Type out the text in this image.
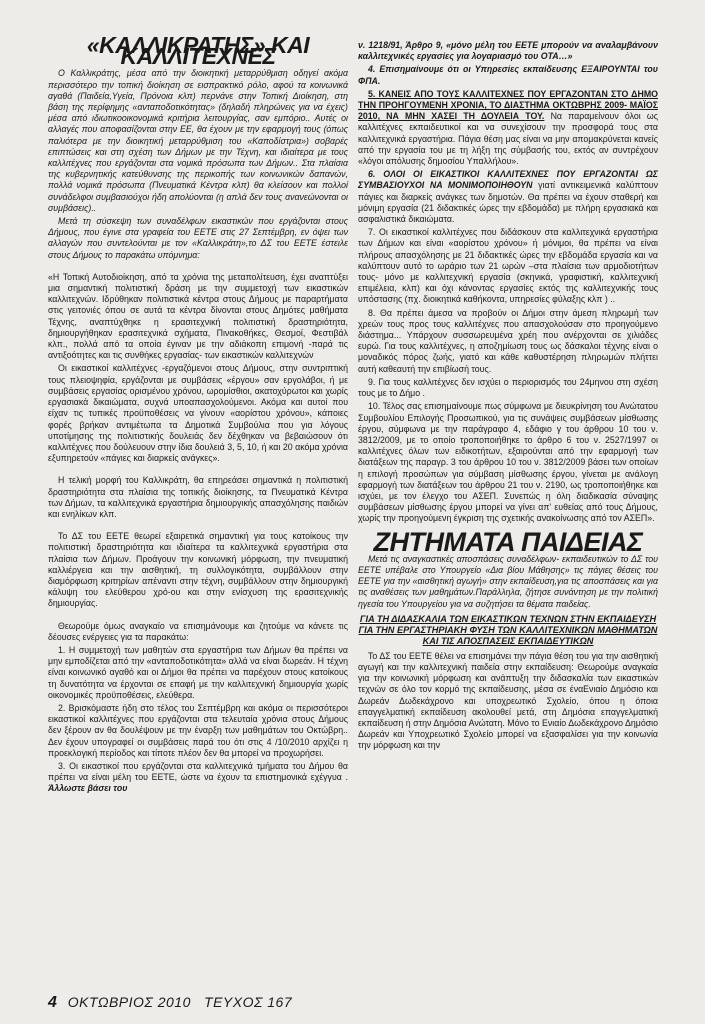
«ΚΑΛΛΙΚΡΑΤΗΣ» ΚΑΙ ΚΑΛΛΙΤΕΧΝΕΣ

Ο Καλλικράτης, μέσα από την διοικητική μεταρρύθμιση οδηγεί ακόμα περισσότερο την τοπική διοίκηση σε εισπρακτικό ρόλο, αφού τα κοινωνικά αγαθά (Παιδεία,Υγεία, Πρόνοια κλπ) περνάνε στην Τοπική Διοίκηση, στη βάση της περίφημης «ανταποδοτικότητας» (δηλαδή πληρώνεις για να έχεις) μέσα από ιδιωτικοοικονομικά κριτήρια λειτουργίας, σαν εμπόριο.. Αυτές οι αλλαγές που αποφασίζονται στην ΕΕ, θα έχουν με την εφαρμογή τους (όπως παλιότερα με την διοικητική μεταρρύθμιση του «Καποδίστρια») σοβαρές επιπτώσεις και στη σχέση των Δήμων με την Τέχνη, και ιδιαίτερα με τους καλλιτέχνες που εργάζονται στα νομικά πρόσωπα των Δήμων.. Στα πλαίσια της κυβερνητικής κατεύθυνσης της περικοπής των κοινωνικών δαπανών, πολλά νομικά πρόσωπα (Πνευματικά Κέντρα κλπ) θα κλείσουν και πολλοί συνάδελφοι συμβασιούχοι ήδη απολύονται (η απλά δεν τους ανανεώνονται οι συμβάσεις)..

Μετά τη σύσκεψη των συναδέλφων εικαστικών που εργάζονται στους Δήμους, που έγινε στα γραφεία του ΕΕΤΕ στις 27 Σεπτέμβρη, εν όψει των αλλαγών που συντελούνται με τον «Καλλικράτη»,το ΔΣ του ΕΕΤΕ έστειλε στους Δήμους το παρακάτω υπόμνημα:

«Η Τοπική Αυτοδιοίκηση, από τα χρόνια της μεταπολίτευση, έχει αναπτύξει μια σημαντική πολιτιστική δράση με την συμμετοχή των εικαστικών καλλιτεχνών. Ιδρύθηκαν πολιτιστικά κέντρα στους Δήμους με παραρτήματα στις γειτονιές όπου σε αυτά τα κέντρα δίνονται στους Δημότες μαθήματα Τέχνης, αναπτύχθηκε η ερασιτεχνική πολιτιστική δραστηριότητα, δημιουργήθηκαν ερασιτεχνικά σχήματα, Πινακοθήκες, Θεσμοί, Φεστιβάλ κλπ., πολλά από τα οποία έγιναν με την αδιάκοπη επιμονή -παρά τις αντιξοότητες και τις συνθήκες εργασίας- των εικαστικών καλλιτεχνών

Οι εικαστικοί καλλιτέχνες -εργαζόμενοι στους Δήμους, στην συντριπτική τους πλειοψηφία, εργάζονται με συμβάσεις «έργου» σαν εργολάβοι, ή με συμβάσεις εργασίας ορισμένου χρόνου, ωρομίσθιοι, ακατοχύρωτοι και χωρίς εργασιακά δικαιώματα, συχνά υποαπασχολούμενοι. Ακόμα και αυτοί που είχαν τις τυπικές προϋποθέσεις να γίνουν «αορίστου χρόνου», κάποιες φορές βρήκαν αντιμέτωπα τα Δημοτικά Συμβούλια που για λόγους υποτίμησης της πολιτιστικής δουλειάς δεν δέχθηκαν να βεβαιώσουν ότι καλλιτέχνες που δούλευουν στην ίδια δουλειά 3, 5, 10, ή και 20 ακόμα χρόνια εξυπηρετούν «πάγιες και διαρκείς ανάγκες».

Η τελική μορφή του Καλλικράτη, θα επηρεάσει σημαντικά η πολιτιστική δραστηριότητα στα πλαίσια της τοπικής διοίκησης, τα Πνευματικά Κέντρα των Δήμων, τα καλλιτεχνικά εργαστήρια δημιουργικής απασχόλησης παιδιών και ενηλίκων κλπ.

Το ΔΣ του ΕΕΤΕ θεωρεί εξαιρετικά σημαντική για τους κατοίκους την πολιτιστική δραστηριότητα και ιδιαίτερα τα καλλιτεχνικά εργαστήρια στα πλαίσια των Δήμων. Προάγουν την κοινωνική μόρφωση, την πνευματική καλλιέργεια και την αισθητική, τη συλλογικότητα, συμβάλλουν στην διαμόρφωση κριτηρίων απέναντι στην τέχνη, συμβάλλουν στην δημιουργική κάλυψη του ελεύθερου χρό-ου και στην ενίσχυση της ερασιτεχνικής δημιουργίας.

Θεωρούμε όμως αναγκαίο να επισημάνουμε και ζητούμε να κάνετε τις δέουσες ενέργειες για τα παρακάτω:

1. Η συμμετοχή των μαθητών στα εργαστήρια των Δήμων θα πρέπει να μην εμποδίζεται από την «ανταποδοτικότητα» αλλά να είναι δωρεάν. Η τέχνη είναι κοινωνικό αγαθό και οι Δήμοι θα πρέπει να παρέχουν στους κατοίκους τη δυνατότητα να έρχονται σε επαφή με την καλλιτεχνική δημιουργία χωρίς οικονομικές προϋποθέσεις, ελεύθερα.

2. Βρισκόμαστε ήδη στο τέλος του Σεπτέμβρη και ακόμα οι περισσότεροι εικαστικοί καλλιτέχνες που εργάζονται στα τελευταία χρόνια στους Δήμους δεν ξέρουν αν θα δουλέψουν με την έναρξη των μαθημάτων του Οκτώβρη.. Δεν έχουν υπογραφεί οι συμβάσεις παρά του ότι στις 4 /10/2010 αρχίζει η προεκλογική περίοδος και τίποτε πλέον δεν θα μπορεί να προχωρήσει.

3. Οι εικαστικοί που εργάζονται στα καλλιτεχνικά τμήματα του Δήμου θα πρέπει να είναι μέλη του ΕΕΤΕ, ώστε να έχουν τα επιστημονικά εχέγγυα . Άλλωστε βάσει του

ν. 1218/91, Άρθρο 9, «μόνο μέλη του ΕΕΤΕ μπορούν να αναλαμβάνουν καλλιτεχνικές εργασίες για λογαριασμό του ΟΤΑ…»

4. Επισημαίνουμε ότι οι Υπηρεσίες εκπαίδευσης ΕΞΑΙΡΟΥΝΤΑΙ του ΦΠΑ.

5. ΚΑΝΕΙΣ ΑΠΟ ΤΟΥΣ ΚΑΛΛΙΤΕΧΝΕΣ ΠΟΥ ΕΡΓΑΖΟΝΤΑΝ ΣΤΟ ΔΗΜΟ ΤΗΝ ΠΡΟΗΓΟΥΜΕΝΗ ΧΡΟΝΙΑ, ΤΟ ΔΙΑΣΤΗΜΑ ΟΚΤΩΒΡΗΣ 2009- ΜΑΪΟΣ 2010, ΝΑ ΜΗΝ ΧΑΣΕΙ ΤΗ ΔΟΥΛΕΙΑ ΤΟΥ. Να παραμείνουν όλοι ως καλλιτέχνες εκπαιδευτικοί και να συνεχίσουν την προσφορά τους στα καλλιτεχνικά εργαστήρια. Πάγια θέση μας είναι να μην απομακρύνεται κανείς από την εργασία του με τη λήξη της σύμβασής του, εκτός αν συντρέχουν «λόγοι απόλυσης δημοσίου Υπαλλήλου».

6. ΟΛΟΙ ΟΙ ΕΙΚΑΣΤΙΚΟΙ ΚΑΛΛΙΤΕΧΝΕΣ ΠΟΥ ΕΡΓΑΖΟΝΤΑΙ ΩΣ ΣΥΜΒΑΣΙΟΥΧΟΙ ΝΑ ΜΟΝΙΜΟΠΟΙΗΘΟΥΝ γιατί αντικειμενικά καλύπτουν πάγιες και διαρκείς ανάγκες των δημοτών. Θα πρέπει να έχουν σταθερή και μόνιμη εργασία (21 διδακτικές ώρες την εβδομάδα) με πλήρη εργασιακά και ασφαλιστικά δικαιώματα.

7. Οι εικαστικοί καλλιτέχνες που διδάσκουν στα καλλιτεχνικά εργαστήρια των Δήμων και είναι «αορίστου χρόνου» ή μόνιμοι, θα πρέπει να είναι πλήρους απασχόλησης με 21 διδακτικές ώρες την εβδομάδα εργασία και να καλύπτουν αυτό το ωράριο των 21 ωρών –στα πλαίσια των αρμοδιοτήτων τους- μόνο με καλλιτεχνική εργασία (σκηνικά, γραφιστική, καλλιτεχνική επιμέλεια, κλπ) και όχι κάνοντας εργασίες εκτός της καλλιτεχνικής τους υπόστασης (πχ. διοικητικά καθήκοντα, υπηρεσίες φύλαξης κλπ ) ..

8. Θα πρέπει άμεσα να προβούν οι Δήμοι στην άμεση πληρωμή των χρεών τους προς τους καλλιτέχνες που απασχολούσαν στο προηγούμενο διάστημα... Υπάρχουν συσσωρευμένα χρέη που ανέρχονται σε χιλιάδες ευρώ. Για τους καλλιτέχνες, η αποζημίωση τους ως δάσκαλοι τέχνης είναι ο μοναδικός πόρος ζωής, γιατό και κάθε καθυστέρηση πληρωμών πλήττει αυτή καθεαυτή την επιβίωσή τους.

9. Για τους καλλιτέχνες δεν ισχύει ο περιορισμός του 24μηνου στη σχέση τους με το Δήμο .

10. Τέλος σας επισημαίνουμε πως σύμφωνα με διευκρίνηση του Ανώτατου Συμβουλίου Επιλογής Προσωπικού, για τις συνάψεις συμβάσεων μίσθωσης έργου, σύμφωνα με την παράγραφο 4, εδάφιο γ του άρθρου 10 του ν. 3812/2009, με το οποίο τροποποιήθηκε το άρθρο 6 του ν. 2527/1997 οι καλλιτέχνες όλων των ειδικοτήτων, εξαιρούνται από την εφαρμογή των διατάξεων της παραγρ. 3 του άρθρου 10 του ν. 3812/2009 βάσει των οποίων η επιλογή προσώπων για σύμβαση μίσθωσης έργου, γίνεται με ανάλογη εφαρμογή των διατάξεων του άρθρου 21 του ν. 2190, ως τροποποιήθηκε και ισχύει, με τον έλεγχο του ΑΣΕΠ. Συνεπώς η όλη διαδικασία σύναψης συμβάσεων μίσθωσης έργου μπορεί να γίνει απ' ευθείας από τους Δήμους, χωρίς την προηγούμενη έγκριση της σχετικής ανακοίνωσης από τον ΑΣΕΠ».

ΖΗΤΗΜΑΤΑ ΠΑΙΔΕΙΑΣ

Μετά τις αναγκαστικές αποσπάσεις συναδέλφων- εκπαιδευτικών το ΔΣ του ΕΕΤΕ υπέβαλε στο Υπουργείο «Δια βίου Μάθησης» τις πάγιες θέσεις του ΕΕΤΕ για την «αισθητική αγωγή» στην εκπαίδευση,για τις αποσπάσεις και για τις αναθέσεις των μαθημάτων.Παράλληλα, ζήτησε συνάντηση με την πολιτική ηγεσία του Υπουργείου για να συζητήσει τα θέματα παιδείας.

ΓΙΑ ΤΗ ΔΙΔΑΣΚΑΛΙΑ ΤΩΝ ΕΙΚΑΣΤΙΚΩΝ ΤΕΧΝΩΝ ΣΤΗΝ ΕΚΠΑΙΔΕΥΣΗ ΓΙΑ ΤΗΝ ΕΡΓΑΣΤΗΡΙΑΚΗ ΦΥΣΗ ΤΩΝ ΚΑΛΛΙΤΕΧΝΙΚΩΝ ΜΑΘΗΜΑΤΩΝ ΚΑΙ ΤΙΣ ΑΠΟΣΠΑΣΕΙΣ ΕΚΠΑΙΔΕΥΤΙΚΩΝ

Το ΔΣ του ΕΕΤΕ θέλει να επισημάνει την πάγια θέση του για την αισθητική αγωγή και την καλλιτεχνική παιδεία στην εκπαίδευση: Θεωρούμε αναγκαία για την κοινωνική μόρφωση και ανάπτυξη την διδασκαλία των εικαστικών τεχνών σε όλο τον κορμό της εκπαίδευσης, μέσα σε έναΕνιαίο Δημόσιο και Δωρεάν Δωδεκάχρονο και υποχρεωτικό Σχολείο, όπου η όποια επαγγελματική εκπαίδευση ακολουθεί μετά, στη Δημόσια επαγγελματική εκπαίδευση ή στην Δημόσια Ανώτατη. Μόνο το Ενιαίο Δωδεκάχρονο Δημόσιο Δωρεάν και Υποχρεωτικό Σχολείο μπορεί να εξασφαλίσει για την κοινωνία την μόρφωση και την

4 ΟΚΤΩΒΡΙΟΣ 2010   ΤΕΥΧΟΣ 167
